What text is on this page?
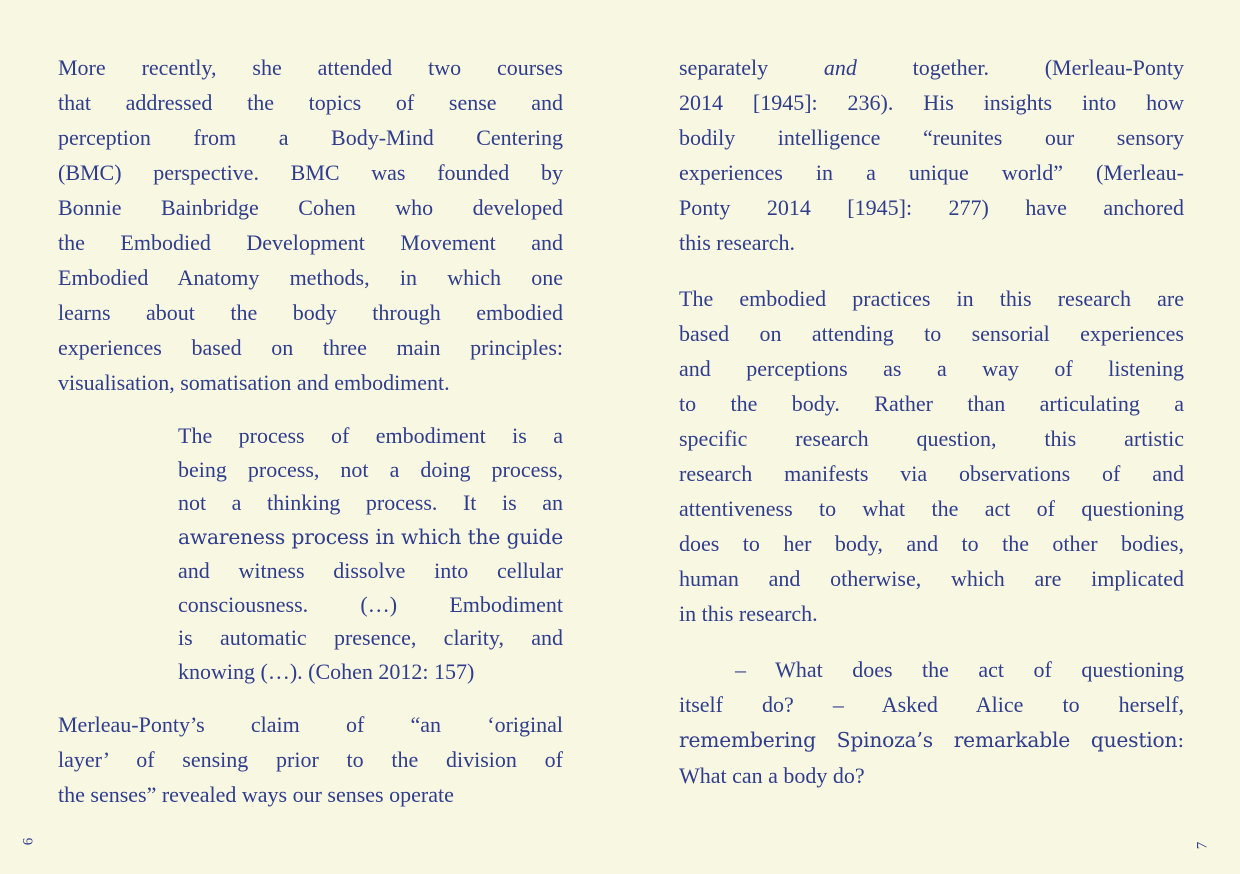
More recently, she attended two courses
that addressed the topics of sense and
perception from a Body-Mind Centering
(BMC) perspective. BMC was founded by
Bonnie Bainbridge Cohen who developed
the Embodied Development Movement and
Embodied Anatomy methods, in which one
learns about the body through embodied
experiences based on three main principles:
visualisation, somatisation and embodiment.
The process of embodiment is a
being process, not a doing process,
not a thinking process. It is an
awareness process in which the guide
and witness dissolve into cellular
consciousness. (…) Embodiment
is automatic presence, clarity, and
knowing (…). (Cohen 2012: 157)
Merleau-Ponty’s claim of “an ‘original
layer’ of sensing prior to the division of
the senses” revealed ways our senses operate
separately and together. (Merleau-Ponty
2014 [1945]: 236). His insights into how
bodily intelligence “reunites our sensory
experiences in a unique world” (Merleau-
Ponty 2014 [1945]: 277) have anchored
this research.
The embodied practices in this research are
based on attending to sensorial experiences
and perceptions as a way of listening
to the body. Rather than articulating a
specific research question, this artistic
research manifests via observations of and
attentiveness to what the act of questioning
does to her body, and to the other bodies,
human and otherwise, which are implicated
in this research.
– What does the act of questioning
itself do? – Asked Alice to herself,
remembering Spinoza’s remarkable question:
What can a body do?
6
7
